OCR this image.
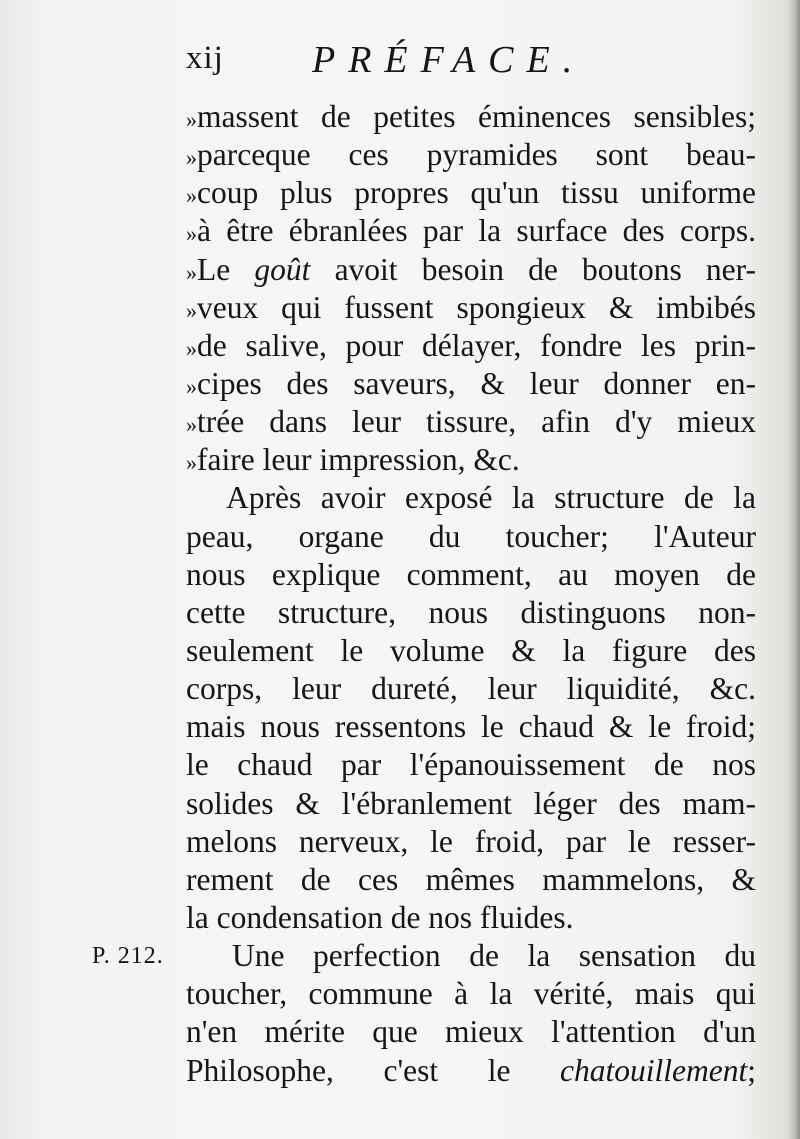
xij PRÉFACE.
»massent de petites éminences sensibles;
»parceque ces pyramides sont beau-
»coup plus propres qu'un tissu uniforme
»à être ébranlées par la surface des corps.
»Le goût avoit besoin de boutons ner-
»veux qui fussent spongieux & imbibés
»de salive, pour délayer, fondre les prin-
»cipes des saveurs, & leur donner en-
»trée dans leur tissure, afin d'y mieux
»faire leur impression, &c.
Après avoir exposé la structure de la
peau, organe du toucher; l'Auteur
nous explique comment, au moyen de
cette structure, nous distinguons non-
seulement le volume & la figure des
corps, leur dureté, leur liquidité, &c.
mais nous ressentons le chaud & le froid;
le chaud par l'épanouissement de nos
solides & l'ébranlement léger des mam-
melons nerveux, le froid, par le resser-
rement de ces mêmes mammelons, &
la condensation de nos fluides.
Une perfection de la sensation du
toucher, commune à la vérité, mais qui
n'en mérite que mieux l'attention d'un
Philosophe, c'est le chatouillement;
P. 212.
